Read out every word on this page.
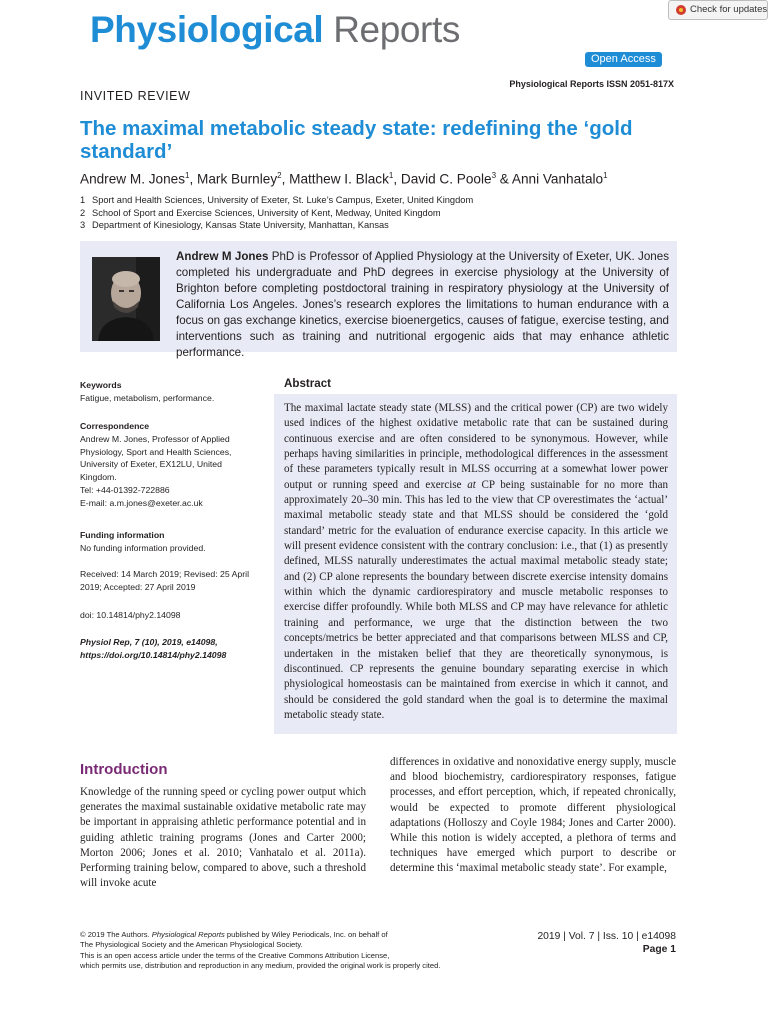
Physiological Reports	Check for updates
Open Access
Physiological Reports ISSN 2051-817X
INVITED REVIEW
The maximal metabolic steady state: redefining the ‘gold standard’
Andrew M. Jones$^1$, Mark Burnley$^2$, Matthew I. Black$^1$, David C. Poole$^3$ & Anni Vanhatalo$^1$
1 Sport and Health Sciences, University of Exeter, St. Luke’s Campus, Exeter, United Kingdom
2 School of Sport and Exercise Sciences, University of Kent, Medway, United Kingdom
3 Department of Kinesiology, Kansas State University, Manhattan, Kansas
Andrew M Jones PhD is Professor of Applied Physiology at the University of Exeter, UK. Jones completed his undergraduate and PhD degrees in exercise physiology at the University of Brighton before completing postdoctoral training in respiratory physiology at the University of California Los Angeles. Jones’s research explores the limitations to human endurance with a focus on gas exchange kinetics, exercise bioenergetics, causes of fatigue, exercise testing, and interventions such as training and nutritional ergogenic aids that may enhance athletic performance.
Keywords
Fatigue, metabolism, performance.
Correspondence
Andrew M. Jones, Professor of Applied Physiology, Sport and Health Sciences, University of Exeter, EX12LU, United Kingdom.
Tel: +44-01392-722886
E-mail: a.m.jones@exeter.ac.uk
Funding information
No funding information provided.
Received: 14 March 2019; Revised: 25 April 2019; Accepted: 27 April 2019
doi: 10.14814/phy2.14098
Physiol Rep, 7 (10), 2019, e14098, https://doi.org/10.14814/phy2.14098
Abstract
The maximal lactate steady state (MLSS) and the critical power (CP) are two widely used indices of the highest oxidative metabolic rate that can be sustained during continuous exercise and are often considered to be synonymous. However, while perhaps having similarities in principle, methodological differences in the assessment of these parameters typically result in MLSS occurring at a somewhat lower power output or running speed and exercise at CP being sustainable for no more than approximately 20–30 min. This has led to the view that CP overestimates the ‘actual’ maximal metabolic steady state and that MLSS should be considered the ‘gold standard’ metric for the evaluation of endurance exercise capacity. In this article we will present evidence consistent with the contrary conclusion: i.e., that (1) as presently defined, MLSS naturally underestimates the actual maximal metabolic steady state; and (2) CP alone represents the boundary between discrete exercise intensity domains within which the dynamic cardiorespiratory and muscle metabolic responses to exercise differ profoundly. While both MLSS and CP may have relevance for athletic training and performance, we urge that the distinction between the two concepts/metrics be better appreciated and that comparisons between MLSS and CP, undertaken in the mistaken belief that they are theoretically synonymous, is discontinued. CP represents the genuine boundary separating exercise in which physiological homeostasis can be maintained from exercise in which it cannot, and should be considered the gold standard when the goal is to determine the maximal metabolic steady state.
Introduction
Knowledge of the running speed or cycling power output which generates the maximal sustainable oxidative metabolic rate may be important in appraising athletic performance potential and in guiding athletic training programs (Jones and Carter 2000; Morton 2006; Jones et al. 2010; Vanhatalo et al. 2011a). Performing training below, compared to above, such a threshold will invoke acute
differences in oxidative and nonoxidative energy supply, muscle and blood biochemistry, cardiorespiratory responses, fatigue processes, and effort perception, which, if repeated chronically, would be expected to promote different physiological adaptations (Holloszy and Coyle 1984; Jones and Carter 2000). While this notion is widely accepted, a plethora of terms and techniques have emerged which purport to describe or determine this ‘maximal metabolic steady state’. For example,
© 2019 The Authors. Physiological Reports published by Wiley Periodicals, Inc. on behalf of
The Physiological Society and the American Physiological Society.
This is an open access article under the terms of the Creative Commons Attribution License,
which permits use, distribution and reproduction in any medium, provided the original work is properly cited.
2019 | Vol. 7 | Iss. 10 | e14098
Page 1
